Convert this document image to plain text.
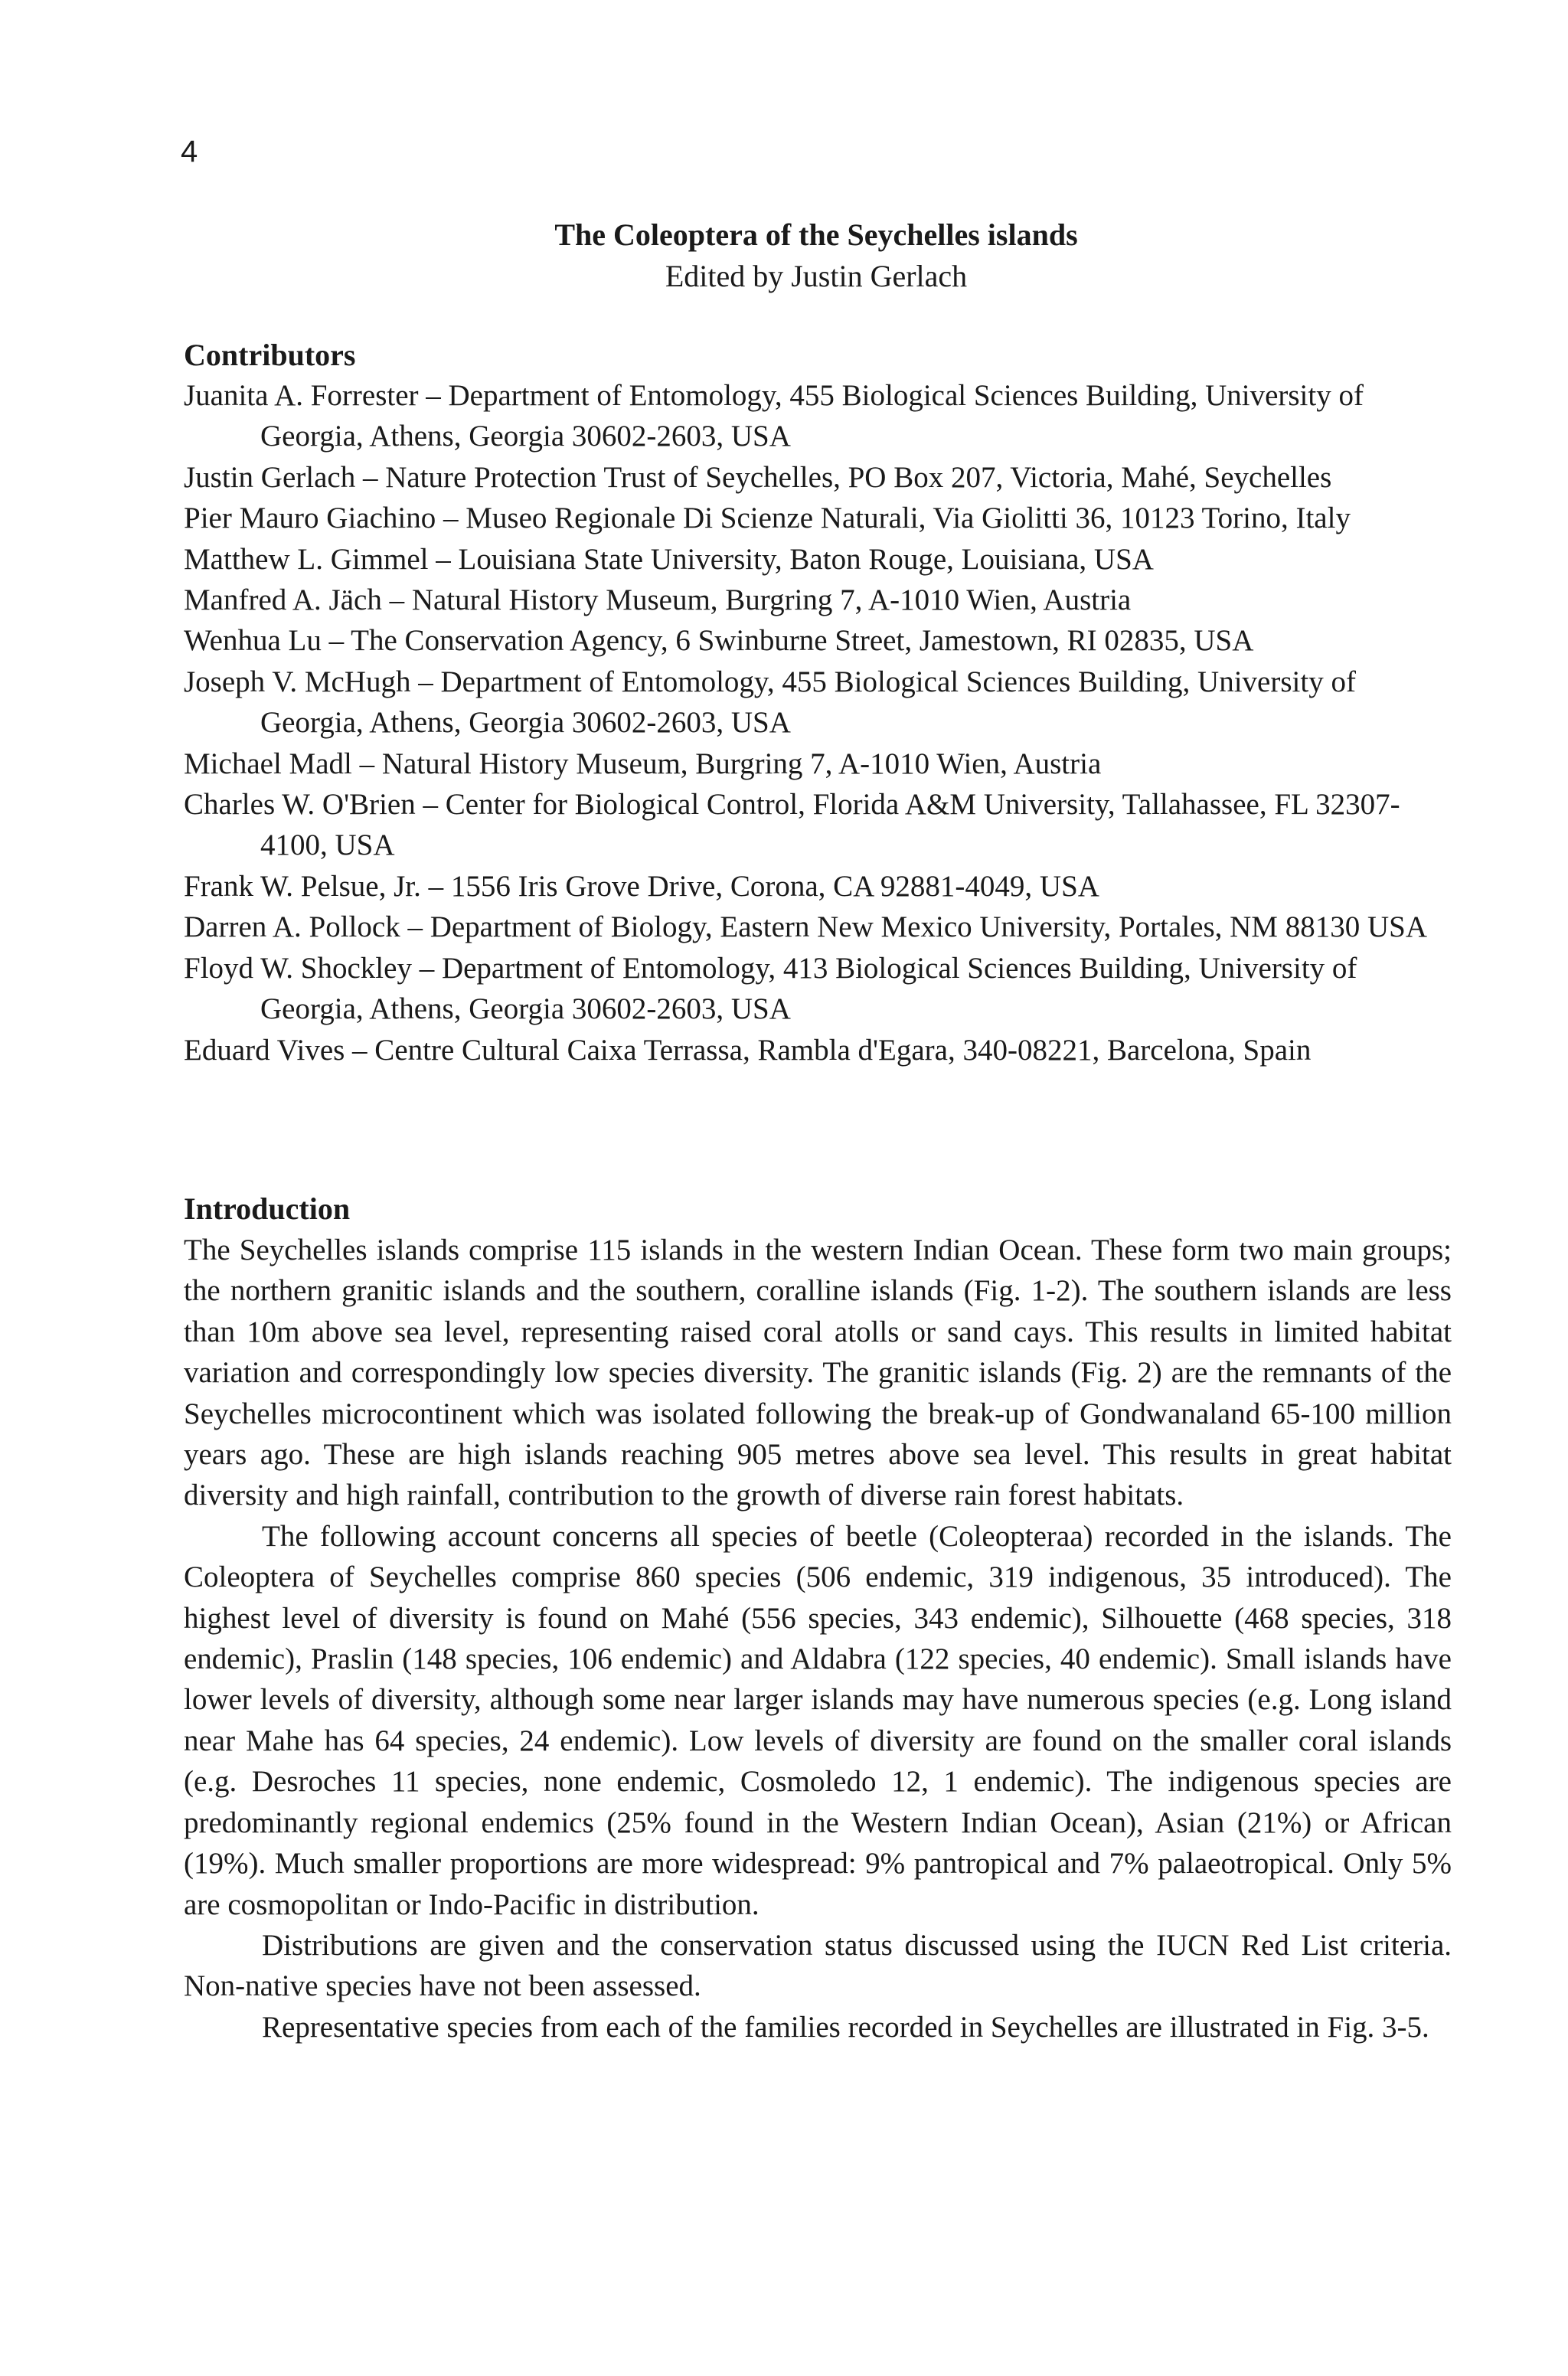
4
The Coleoptera of the Seychelles islands
Edited by Justin Gerlach
Contributors
Juanita A. Forrester – Department of Entomology, 455 Biological Sciences Building, University of Georgia, Athens, Georgia 30602-2603, USA
Justin Gerlach – Nature Protection Trust of Seychelles, PO Box 207, Victoria, Mahé, Seychelles
Pier Mauro Giachino – Museo Regionale Di Scienze Naturali, Via Giolitti 36, 10123 Torino, Italy
Matthew L. Gimmel – Louisiana State University, Baton Rouge, Louisiana, USA
Manfred A. Jäch – Natural History Museum, Burgring 7, A-1010 Wien, Austria
Wenhua Lu – The Conservation Agency, 6 Swinburne Street, Jamestown, RI 02835, USA
Joseph V. McHugh – Department of Entomology, 455 Biological Sciences Building, University of Georgia, Athens, Georgia 30602-2603, USA
Michael Madl – Natural History Museum, Burgring 7, A-1010 Wien, Austria
Charles W. O'Brien – Center for Biological Control, Florida A&M University, Tallahassee, FL 32307-4100, USA
Frank W. Pelsue, Jr. – 1556 Iris Grove Drive, Corona, CA 92881-4049, USA
Darren A. Pollock – Department of Biology, Eastern New Mexico University, Portales, NM 88130 USA
Floyd W. Shockley – Department of Entomology, 413 Biological Sciences Building, University of Georgia, Athens, Georgia 30602-2603, USA
Eduard Vives – Centre Cultural Caixa Terrassa, Rambla d'Egara, 340-08221, Barcelona, Spain
Introduction

The Seychelles islands comprise 115 islands in the western Indian Ocean. These form two main groups; the northern granitic islands and the southern, coralline islands (Fig. 1-2). The southern islands are less than 10m above sea level, representing raised coral atolls or sand cays. This results in limited habitat variation and correspondingly low species diversity. The granitic islands (Fig. 2) are the remnants of the Seychelles microcontinent which was isolated following the break-up of Gondwanaland 65-100 million years ago. These are high islands reaching 905 metres above sea level. This results in great habitat diversity and high rainfall, contribution to the growth of diverse rain forest habitats.

The following account concerns all species of beetle (Coleopteraa) recorded in the islands. The Coleoptera of Seychelles comprise 860 species (506 endemic, 319 indigenous, 35 introduced). The highest level of diversity is found on Mahé (556 species, 343 endemic), Silhouette (468 species, 318 endemic), Praslin (148 species, 106 endemic) and Aldabra (122 species, 40 endemic). Small islands have lower levels of diversity, although some near larger islands may have numerous species (e.g. Long island near Mahe has 64 species, 24 endemic). Low levels of diversity are found on the smaller coral islands (e.g. Desroches 11 species, none endemic, Cosmoledo 12, 1 endemic). The indigenous species are predominantly regional endemics (25% found in the Western Indian Ocean), Asian (21%) or African (19%). Much smaller proportions are more widespread: 9% pantropical and 7% palaeotropical. Only 5% are cosmopolitan or Indo-Pacific in distribution.

Distributions are given and the conservation status discussed using the IUCN Red List criteria. Non-native species have not been assessed.

Representative species from each of the families recorded in Seychelles are illustrated in Fig. 3-5.
